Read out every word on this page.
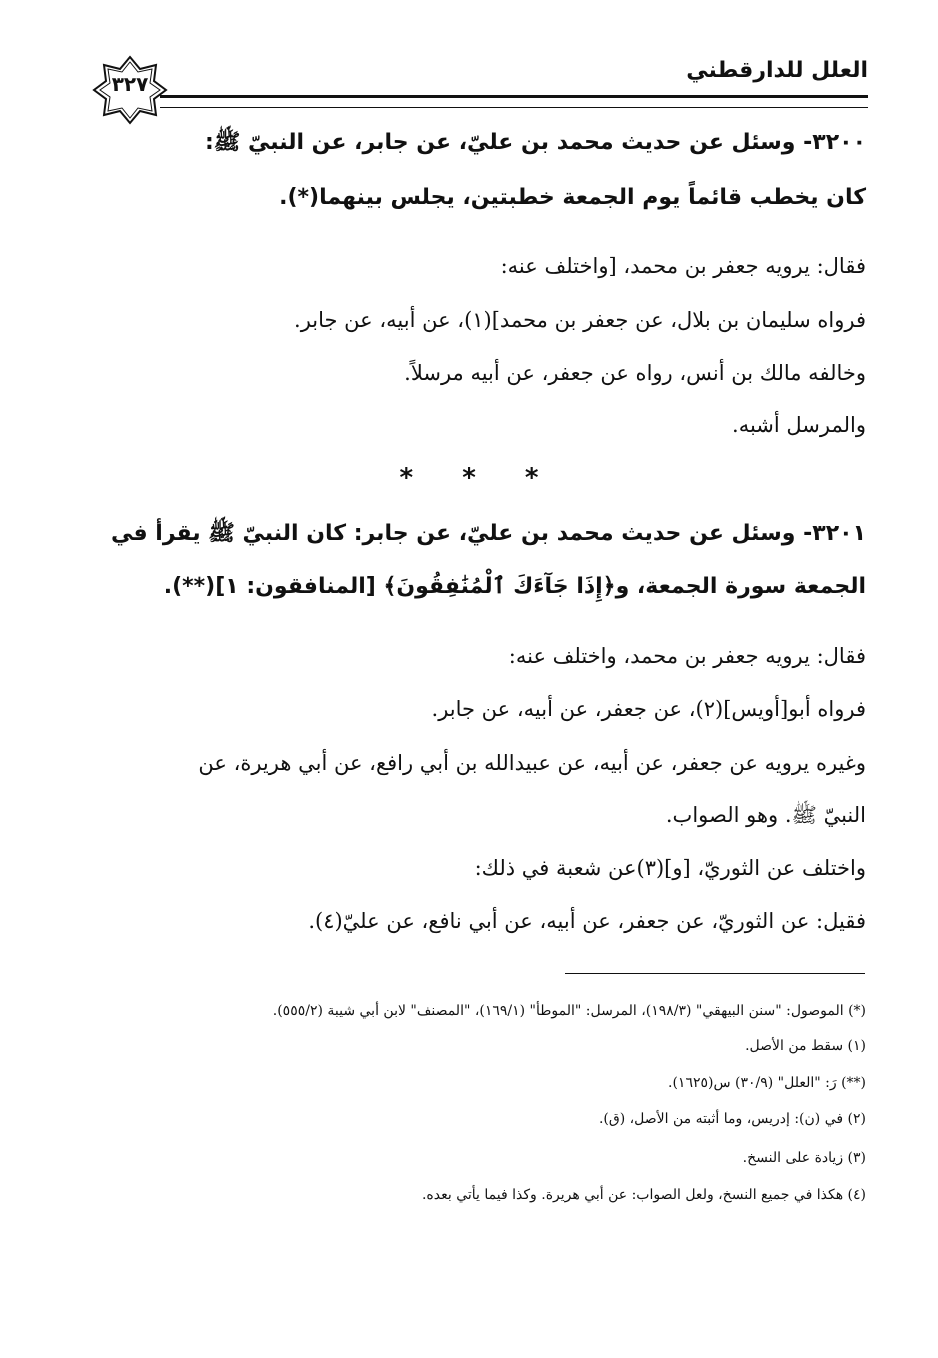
العلل للدارقطني
٣٢٧
٣٢٠٠- وسئل عن حديث محمد بن عليّ، عن جابر، عن النبيّ ﷺ:
كان يخطب قائماً يوم الجمعة خطبتين، يجلس بينهما(*).
فقال: يرويه جعفر بن محمد، [واختلف عنه:
فرواه سليمان بن بلال، عن جعفر بن محمد](١)، عن أبيه، عن جابر.
وخالفه مالك بن أنس، رواه عن جعفر، عن أبيه مرسلاً.
والمرسل أشبه.
* * *
٣٢٠١- وسئل عن حديث محمد بن عليّ، عن جابر: كان النبيّ ﷺ يقرأ في
الجمعة سورة الجمعة، و﴿إِذَا جَآءَكَ ٱلْمُنَٰفِقُونَ﴾ [المنافقون: ١](**).
فقال: يرويه جعفر بن محمد، واختلف عنه:
فرواه أبو[أويس](٢)، عن جعفر، عن أبيه، عن جابر.
وغيره يرويه عن جعفر، عن أبيه، عن عبيدالله بن أبي رافع، عن أبي هريرة، عن
النبيّ ﷺ. وهو الصواب.
واختلف عن الثوريّ، [و](٣)عن شعبة في ذلك:
فقيل: عن الثوريّ، عن جعفر، عن أبيه، عن أبي نافع، عن عليّ(٤).
(*) الموصول: "سنن البيهقي" (١٩٨/٣)، المرسل: "الموطأ" (١٦٩/١)، "المصنف" لابن أبي شيبة (٥٥٥/٢).
(١) سقط من الأصل.
(**) رَ: "العلل" (٣٠/٩) س(١٦٢٥).
(٢) في (ن): إدريس، وما أثبته من الأصل، (ق).
(٣) زيادة على النسخ.
(٤) هكذا في جميع النسخ، ولعل الصواب: عن أبي هريرة. وكذا فيما يأتي بعده.
